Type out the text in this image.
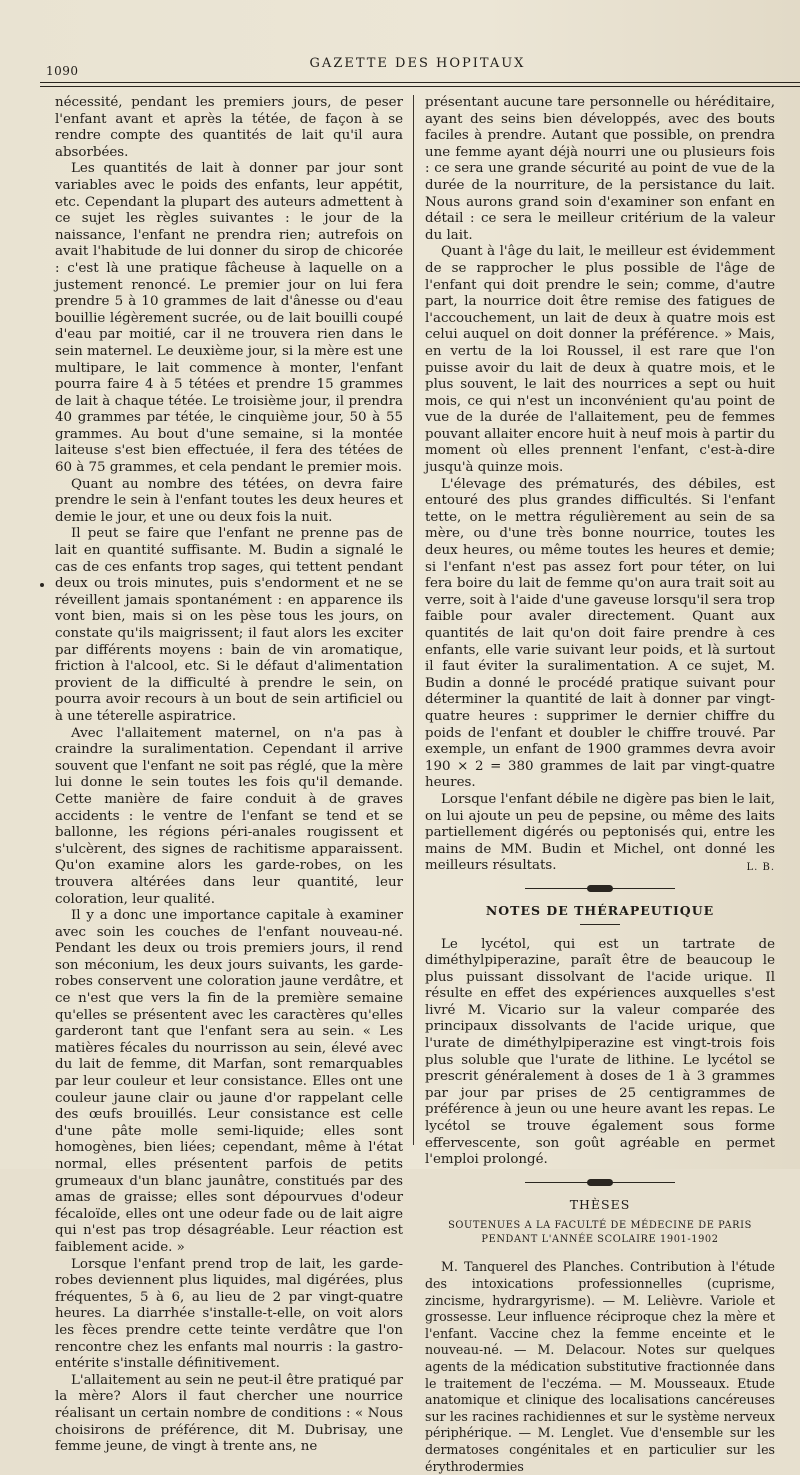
1090	GAZETTE DES HOPITAUX

nécessité, pendant les premiers jours, de peser l'enfant avant et après la tétée, de façon à se rendre compte des quantités de lait qu'il aura absorbées.

Les quantités de lait à donner par jour sont variables avec le poids des enfants, leur appétit, etc. Cependant la plupart des auteurs admettent à ce sujet les règles suivantes : le jour de la naissance, l'enfant ne prendra rien; autrefois on avait l'habitude de lui donner du sirop de chicorée : c'est là une pratique fâcheuse à laquelle on a justement renoncé. Le premier jour on lui fera prendre 5 à 10 grammes de lait d'ânesse ou d'eau bouillie légèrement sucrée, ou de lait bouilli coupé d'eau par moitié, car il ne trouvera rien dans le sein maternel. Le deuxième jour, si la mère est une multipare, le lait commence à monter, l'enfant pourra faire 4 à 5 tétées et prendre 15 grammes de lait à chaque tétée. Le troisième jour, il prendra 40 grammes par tétée, le cinquième jour, 50 à 55 grammes. Au bout d'une semaine, si la montée laiteuse s'est bien effectuée, il fera des tétées de 60 à 75 grammes, et cela pendant le premier mois.

Quant au nombre des tétées, on devra faire prendre le sein à l'enfant toutes les deux heures et demie le jour, et une ou deux fois la nuit.

Il peut se faire que l'enfant ne prenne pas de lait en quantité suffisante. M. Budin a signalé le cas de ces enfants trop sages, qui tettent pendant deux ou trois minutes, puis s'endorment et ne se réveillent jamais spontanément : en apparence ils vont bien, mais si on les pèse tous les jours, on constate qu'ils maigrissent; il faut alors les exciter par différents moyens : bain de vin aromatique, friction à l'alcool, etc. Si le défaut d'alimentation provient de la difficulté à prendre le sein, on pourra avoir recours à un bout de sein artificiel ou à une téterelle aspiratrice.

Avec l'allaitement maternel, on n'a pas à craindre la suralimentation. Cependant il arrive souvent que l'enfant ne soit pas réglé, que la mère lui donne le sein toutes les fois qu'il demande. Cette manière de faire conduit à de graves accidents : le ventre de l'enfant se tend et se ballonne, les régions péri-anales rougissent et s'ulcèrent, des signes de rachitisme apparaissent. Qu'on examine alors les garde-robes, on les trouvera altérées dans leur quantité, leur coloration, leur qualité.

Il y a donc une importance capitale à examiner avec soin les couches de l'enfant nouveau-né. Pendant les deux ou trois premiers jours, il rend son méconium, les deux jours suivants, les garde-robes conservent une coloration jaune verdâtre, et ce n'est que vers la fin de la première semaine qu'elles se présentent avec les caractères qu'elles garderont tant que l'enfant sera au sein. « Les matières fécales du nourrisson au sein, élevé avec du lait de femme, dit Marfan, sont remarquables par leur couleur et leur consistance. Elles ont une couleur jaune clair ou jaune d'or rappelant celle des œufs brouillés. Leur consistance est celle d'une pâte molle semi-liquide; elles sont homogènes, bien liées; cependant, même à l'état normal, elles présentent parfois de petits grumeaux d'un blanc jaunâtre, constitués par des amas de graisse; elles sont dépourvues d'odeur fécaloïde, elles ont une odeur fade ou de lait aigre qui n'est pas trop désagréable. Leur réaction est faiblement acide. »

Lorsque l'enfant prend trop de lait, les garde-robes deviennent plus liquides, mal digérées, plus fréquentes, 5 à 6, au lieu de 2 par vingt-quatre heures. La diarrhée s'installe-t-elle, on voit alors les fèces prendre cette teinte verdâtre que l'on rencontre chez les enfants mal nourris : la gastro-entérite s'installe définitivement.

L'allaitement au sein ne peut-il être pratiqué par la mère? Alors il faut chercher une nourrice réalisant un certain nombre de conditions : « Nous choisirons de préférence, dit M. Dubrisay, une femme jeune, de vingt à trente ans, ne

présentant aucune tare personnelle ou héréditaire, ayant des seins bien développés, avec des bouts faciles à prendre. Autant que possible, on prendra une femme ayant déjà nourri une ou plusieurs fois : ce sera une grande sécurité au point de vue de la durée de la nourriture, de la persistance du lait. Nous aurons grand soin d'examiner son enfant en détail : ce sera le meilleur critérium de la valeur du lait.

Quant à l'âge du lait, le meilleur est évidemment de se rapprocher le plus possible de l'âge de l'enfant qui doit prendre le sein; comme, d'autre part, la nourrice doit être remise des fatigues de l'accouchement, un lait de deux à quatre mois est celui auquel on doit donner la préférence. » Mais, en vertu de la loi Roussel, il est rare que l'on puisse avoir du lait de deux à quatre mois, et le plus souvent, le lait des nourrices a sept ou huit mois, ce qui n'est un inconvénient qu'au point de vue de la durée de l'allaitement, peu de femmes pouvant allaiter encore huit à neuf mois à partir du moment où elles prennent l'enfant, c'est-à-dire jusqu'à quinze mois.

L'élevage des prématurés, des débiles, est entouré des plus grandes difficultés. Si l'enfant tette, on le mettra régulièrement au sein de sa mère, ou d'une très bonne nourrice, toutes les deux heures, ou même toutes les heures et demie; si l'enfant n'est pas assez fort pour téter, on lui fera boire du lait de femme qu'on aura trait soit au verre, soit à l'aide d'une gaveuse lorsqu'il sera trop faible pour avaler directement. Quant aux quantités de lait qu'on doit faire prendre à ces enfants, elle varie suivant leur poids, et là surtout il faut éviter la suralimentation. A ce sujet, M. Budin a donné le procédé pratique suivant pour déterminer la quantité de lait à donner par vingt-quatre heures : supprimer le dernier chiffre du poids de l'enfant et doubler le chiffre trouvé. Par exemple, un enfant de 1900 grammes devra avoir 190 × 2 = 380 grammes de lait par vingt-quatre heures.

Lorsque l'enfant débile ne digère pas bien le lait, on lui ajoute un peu de pepsine, ou même des laits partiellement digérés ou peptonisés qui, entre les mains de MM. Budin et Michel, ont donné les meilleurs résultats.	L. B.

NOTES DE THÉRAPEUTIQUE

Le lycétol, qui est un tartrate de diméthylpiperazine, paraît être de beaucoup le plus puissant dissolvant de l'acide urique. Il résulte en effet des expériences auxquelles s'est livré M. Vicario sur la valeur comparée des principaux dissolvants de l'acide urique, que l'urate de diméthylpiperazine est vingt-trois fois plus soluble que l'urate de lithine. Le lycétol se prescrit généralement à doses de 1 à 3 grammes par jour par prises de 25 centigrammes de préférence à jeun ou une heure avant les repas. Le lycétol se trouve également sous forme effervescente, son goût agréable en permet l'emploi prolongé.

THÈSES
SOUTENUES A LA FACULTÉ DE MÉDECINE DE PARIS
PENDANT L'ANNÉE SCOLAIRE 1901-1902

M. Tanquerel des Planches. Contribution à l'étude des intoxications professionnelles (cuprisme, zincisme, hydrargyrisme). — M. Lelièvre. Variole et grossesse. Leur influence réciproque chez la mère et l'enfant. Vaccine chez la femme enceinte et le nouveau-né. — M. Delacour. Notes sur quelques agents de la médication substitutive fractionnée dans le traitement de l'eczéma. — M. Mousseaux. Etude anatomique et clinique des localisations cancéreuses sur les racines rachidiennes et sur le système nerveux périphérique. — M. Lenglet. Vue d'ensemble sur les dermatoses congénitales et en particulier sur les érythrodermies
